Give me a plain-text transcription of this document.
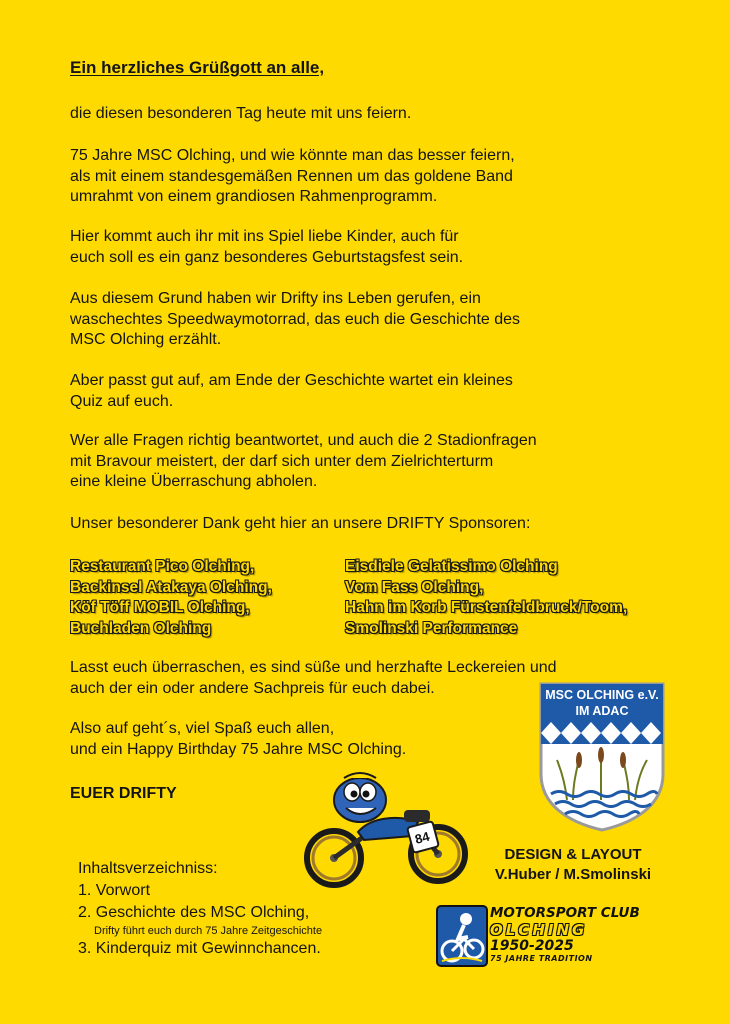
Ein herzliches Grüßgott an alle,
die diesen besonderen Tag heute mit uns feiern.
75 Jahre MSC Olching, und wie könnte man das besser feiern,
als mit einem standesgemäßen Rennen um das goldene Band
umrahmt von einem grandiosen Rahmenprogramm.
Hier kommt auch ihr mit ins Spiel liebe Kinder, auch für
euch soll es ein ganz besonderes Geburtstagsfest sein.
Aus diesem Grund haben wir Drifty ins Leben gerufen, ein
waschechtes Speedwaymotorrad, das euch die Geschichte des
MSC Olching erzählt.
Aber passt gut auf, am Ende der Geschichte wartet ein kleines
Quiz auf euch.
Wer alle Fragen richtig beantwortet, und auch die 2 Stadionfragen
mit Bravour meistert, der darf sich unter dem Zielrichterturm
eine kleine Überraschung abholen.
Unser besonderer Dank geht hier an unsere DRIFTY Sponsoren:
Restaurant Pico Olching,
Backinsel Atakaya Olching,
Köf Töff MOBIL Olching,
Buchladen Olching
Eisdiele Gelatissimo Olching
Vom Fass Olching,
Hahn im Korb Fürstenfeldbruck/Toom,
Smolinski Performance
Lasst euch überraschen, es sind süße und herzhafte Leckereien und
auch der ein oder andere Sachpreis für euch dabei.
Also auf geht´s, viel Spaß euch allen,
und ein Happy Birthday 75 Jahre MSC Olching.
EUER DRIFTY
MSC OLCHING e.V.
IM ADAC
84
Inhaltsverzeichniss:
1. Vorwort
2. Geschichte des MSC Olching,
Drifty führt euch durch 75 Jahre Zeitgeschichte
3. Kinderquiz mit Gewinnchancen.
DESIGN & LAYOUT
V.Huber / M.Smolinski
MOTORSPORT CLUB
OLCHING
1950-2025
75 JAHRE TRADITION
